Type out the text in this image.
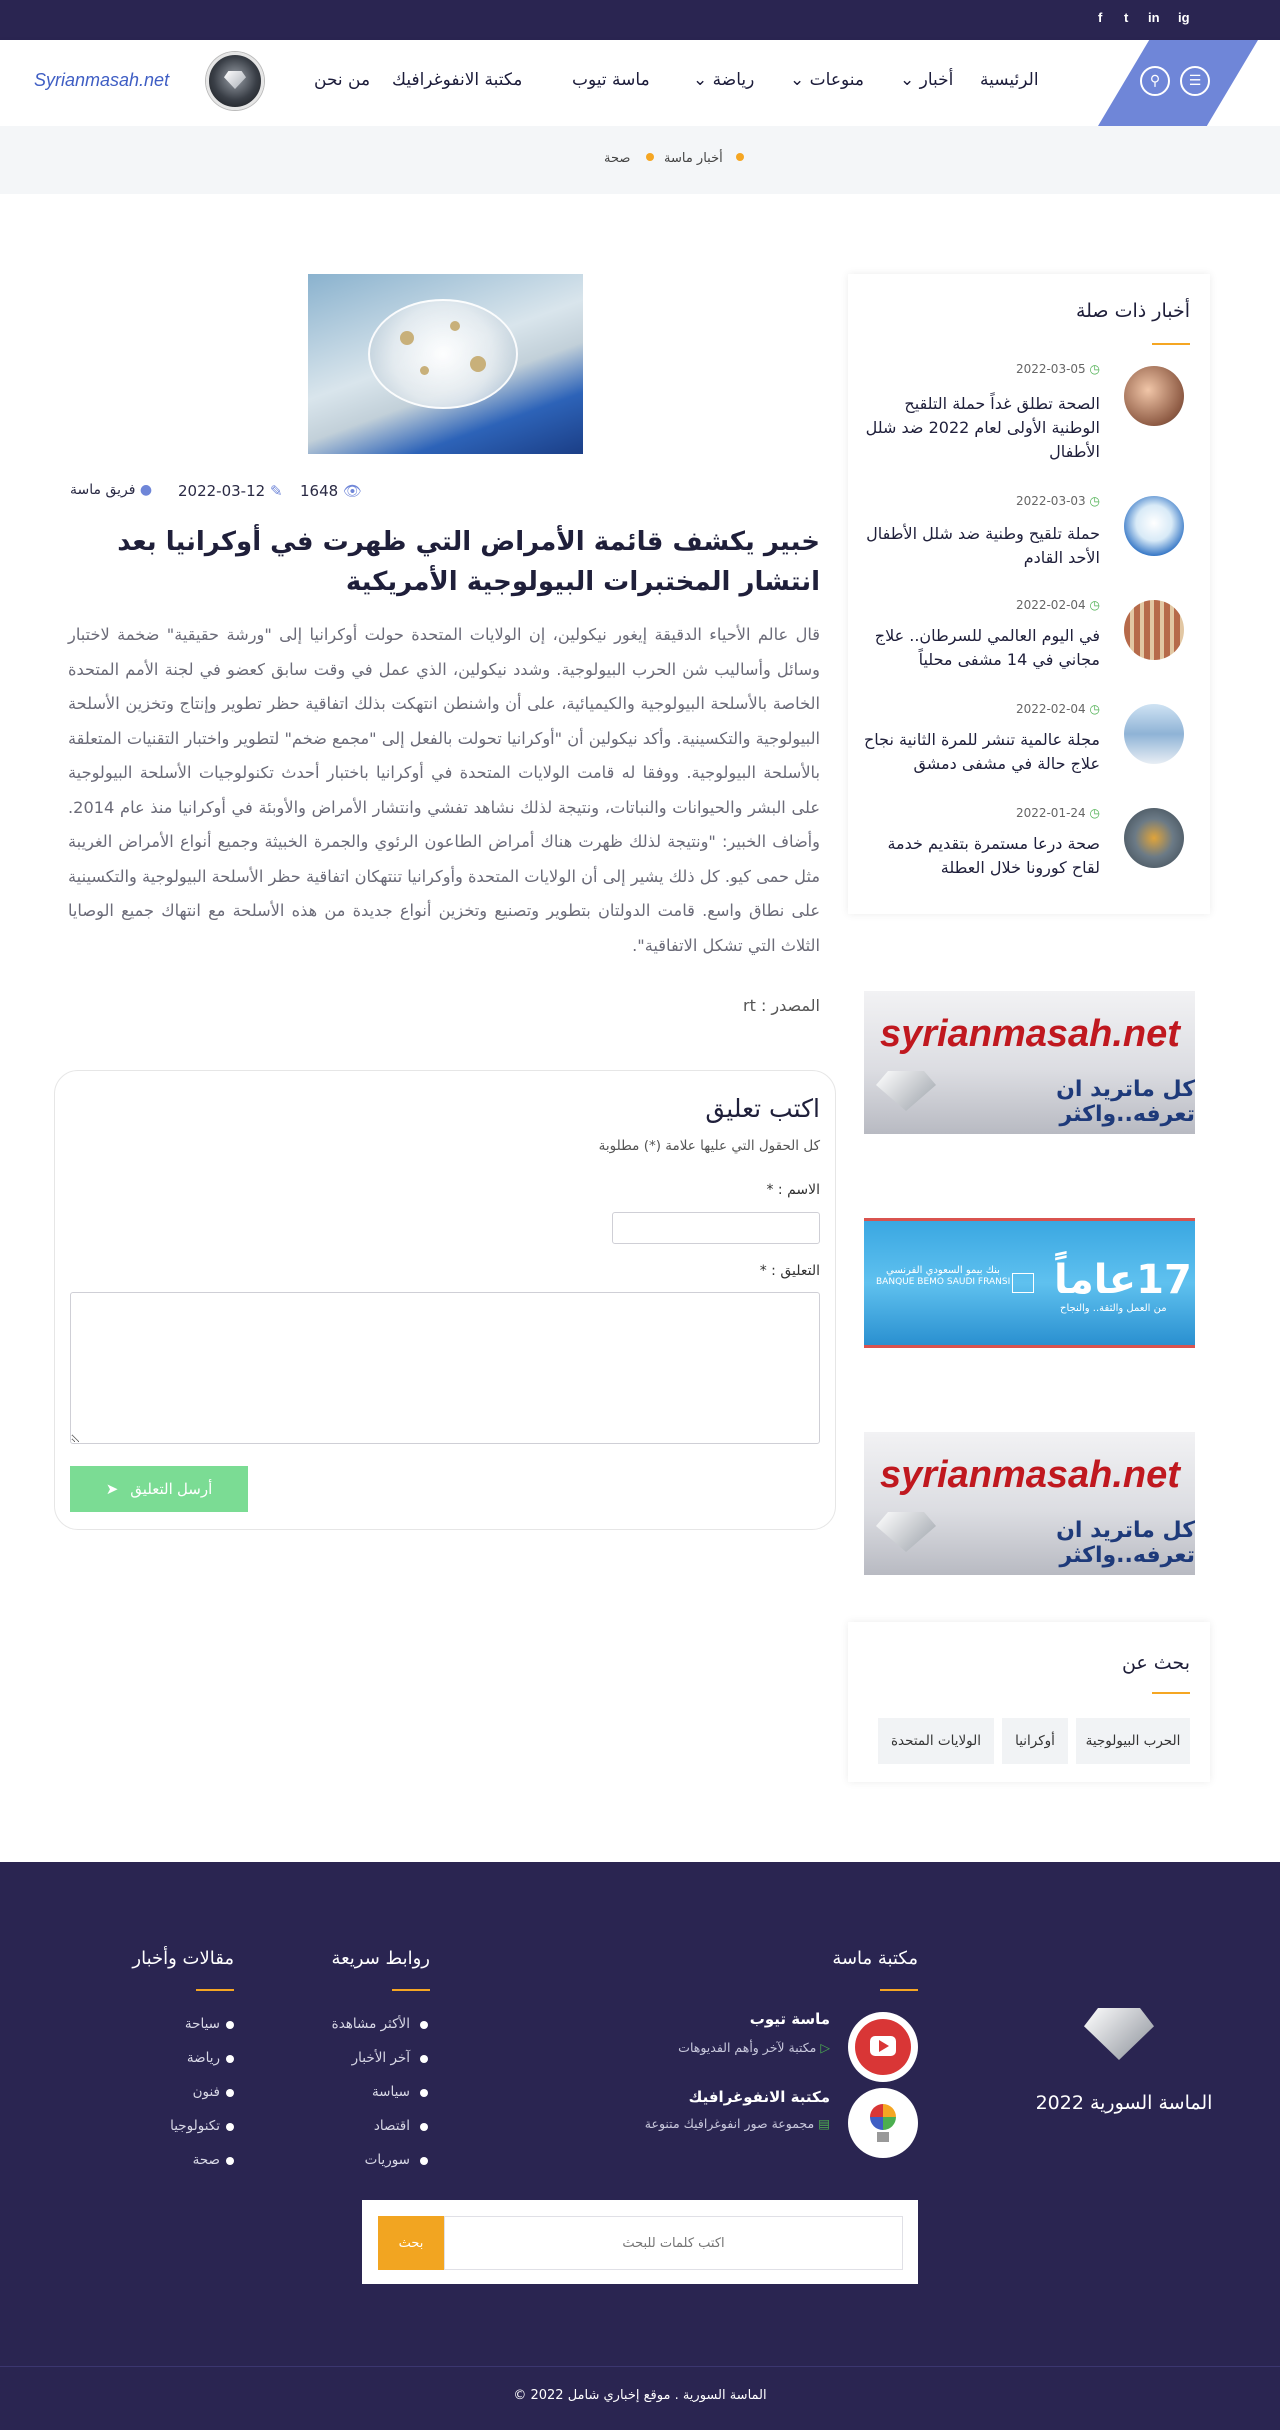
f t in ig
⚲	☰
الرئيسية
أخبار ⌄
منوعات ⌄
رياضة ⌄
ماسة تيوب
مكتبة الانفوغرافيك
من نحن
Syrianmasah.net
أخبار ماسة
صحة
👁 1648
✎ 2022-03-12
● فريق ماسة
خبير يكشف قائمة الأمراض التي ظهرت في أوكرانيا بعد انتشار المختبرات البيولوجية الأمريكية

قال عالم الأحياء الدقيقة إيغور نيكولين، إن الولايات المتحدة حولت أوكرانيا إلى "ورشة حقيقية" ضخمة لاختبار وسائل وأساليب شن الحرب البيولوجية. وشدد نيكولين، الذي عمل في وقت سابق كعضو في لجنة الأمم المتحدة الخاصة بالأسلحة البيولوجية والكيميائية، على أن واشنطن انتهكت بذلك اتفاقية حظر تطوير وإنتاج وتخزين الأسلحة البيولوجية والتكسينية. وأكد نيكولين أن "أوكرانيا تحولت بالفعل إلى "مجمع ضخم" لتطوير واختبار التقنيات المتعلقة بالأسلحة البيولوجية. ووفقا له قامت الولايات المتحدة في أوكرانيا باختبار أحدث تكنولوجيات الأسلحة البيولوجية على البشر والحيوانات والنباتات، ونتيجة لذلك نشاهد تفشي وانتشار الأمراض والأوبئة في أوكرانيا منذ عام 2014. وأضاف الخبير: "ونتيجة لذلك ظهرت هناك أمراض الطاعون الرئوي والجمرة الخبيثة وجميع أنواع الأمراض الغريبة مثل حمى كيو. كل ذلك يشير إلى أن الولايات المتحدة وأوكرانيا تنتهكان اتفاقية حظر الأسلحة البيولوجية والتكسينية على نطاق واسع. قامت الدولتان بتطوير وتصنيع وتخزين أنواع جديدة من هذه الأسلحة مع انتهاك جميع الوصايا الثلاث التي تشكل الاتفاقية".

المصدر : rt
اكتب تعليق
كل الحقول التي عليها علامة (*) مطلوبة
الاسم : *
التعليق : *
أرسل التعليق
➤
أخبار ذات صلة
◷ 2022-03-05
الصحة تطلق غداً حملة التلقيح الوطنية الأولى لعام 2022 ضد شلل الأطفال
◷ 2022-03-03
حملة تلقيح وطنية ضد شلل الأطفال الأحد القادم
◷ 2022-02-04
في اليوم العالمي للسرطان.. علاج مجاني في 14 مشفى محلياً
◷ 2022-02-04
مجلة عالمية تنشر للمرة الثانية نجاح علاج حالة في مشفى دمشق
◷ 2022-01-24
صحة درعا مستمرة بتقديم خدمة لقاح كورونا خلال العطلة
syrianmasah.net
كل ماتريد ان تعرفه..واكثر
بنك بيمو السعودي الفرنسي
BANQUE BEMO SAUDI FRANSI 17عاماً
من العمل والثقة.. والنجاح
syrianmasah.net
كل ماتريد ان تعرفه..واكثر
بحث عن
الحرب البيولوجية
أوكرانيا
الولايات المتحدة
الماسة السورية 2022
مكتبة ماسة
ماسة تيوب
▷ مكتبة لآخر وأهم الفديوهات
مكتبة الانفوغرافيك
▤ مجموعة صور انفوغرافيك متنوعة
روابط سريعة
الأكثر مشاهدة
آخر الأخبار
سياسة
اقتصاد
سوريات
مقالات وأخبار
سياحة
رياضة
فنون
تكنولوجيا
صحة
اكتب كلمات للبحث
بحث
الماسة السورية . موقع إخباري شامل 2022 ©
